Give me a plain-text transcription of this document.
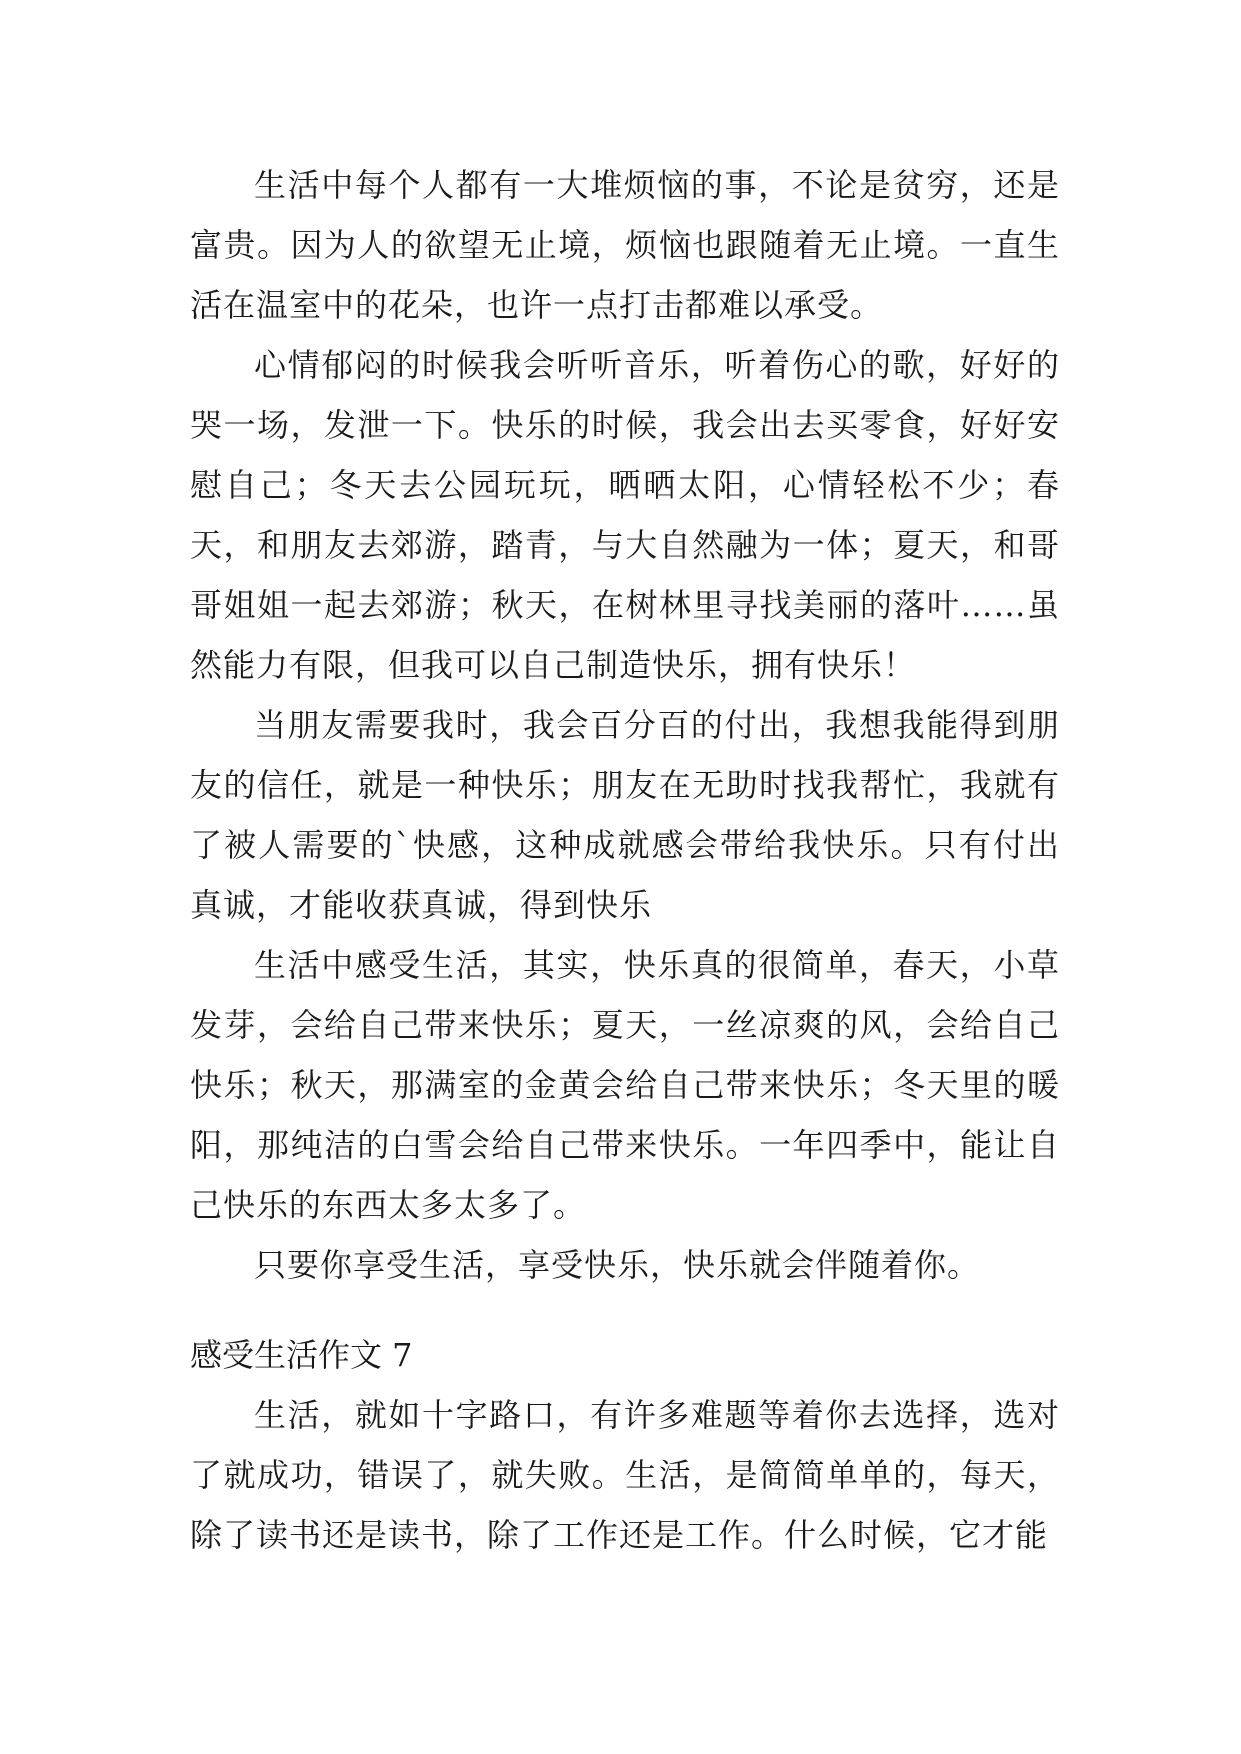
生活中每个人都有一大堆烦恼的事，不论是贫穷，还是富贵。因为人的欲望无止境，烦恼也跟随着无止境。一直生活在温室中的花朵，也许一点打击都难以承受。

心情郁闷的时候我会听听音乐，听着伤心的歌，好好的哭一场，发泄一下。快乐的时候，我会出去买零食，好好安慰自己；冬天去公园玩玩，晒晒太阳，心情轻松不少；春天，和朋友去郊游，踏青，与大自然融为一体；夏天，和哥哥姐姐一起去郊游；秋天，在树林里寻找美丽的落叶……虽然能力有限，但我可以自己制造快乐，拥有快乐！

当朋友需要我时，我会百分百的付出，我想我能得到朋友的信任，就是一种快乐；朋友在无助时找我帮忙，我就有了被人需要的`快感，这种成就感会带给我快乐。只有付出真诚，才能收获真诚，得到快乐

生活中感受生活，其实，快乐真的很简单，春天，小草发芽，会给自己带来快乐；夏天，一丝凉爽的风，会给自己快乐；秋天，那满室的金黄会给自己带来快乐；冬天里的暖阳，那纯洁的白雪会给自己带来快乐。一年四季中，能让自己快乐的东西太多太多了。

只要你享受生活，享受快乐，快乐就会伴随着你。

感受生活作文 7

生活，就如十字路口，有许多难题等着你去选择，选对了就成功，错误了，就失败。生活，是简简单单的，每天，除了读书还是读书，除了工作还是工作。什么时候，它才能
